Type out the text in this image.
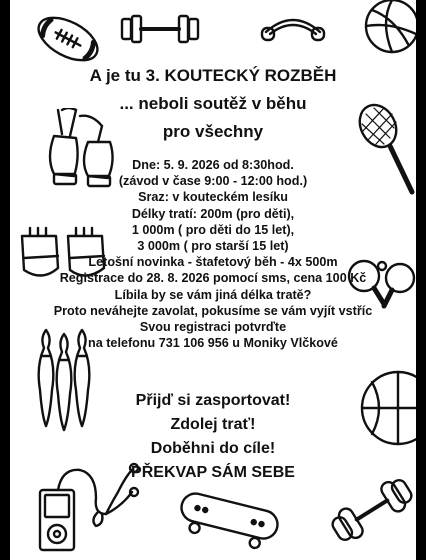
A je tu 3. KOUTECKÝ ROZBĚH
... neboli soutěž v běhu
pro všechny
Dne: 5. 9. 2026 od 8:30hod.
(závod v čase 9:00 - 12:00 hod.)
Sraz: v kouteckém lesíku
Délky tratí: 200m (pro děti),
1 000m ( pro děti do 15 let),
3 000m ( pro starší 15 let)
Letošní novinka - štafetový běh - 4x 500m
Registrace do 28. 8. 2026 pomocí sms, cena 100 Kč
Líbila by se vám jiná délka tratě?
Proto neváhejte zavolat, pokusíme se vám vyjít vstříc
Svou registraci potvrďte
na telefonu 731 106 956 u Moniky Vlčkové
Přijď si zasportovat!
Zdolej trať!
Doběhni do cíle!
PŘEKVAP SÁM SEBE
